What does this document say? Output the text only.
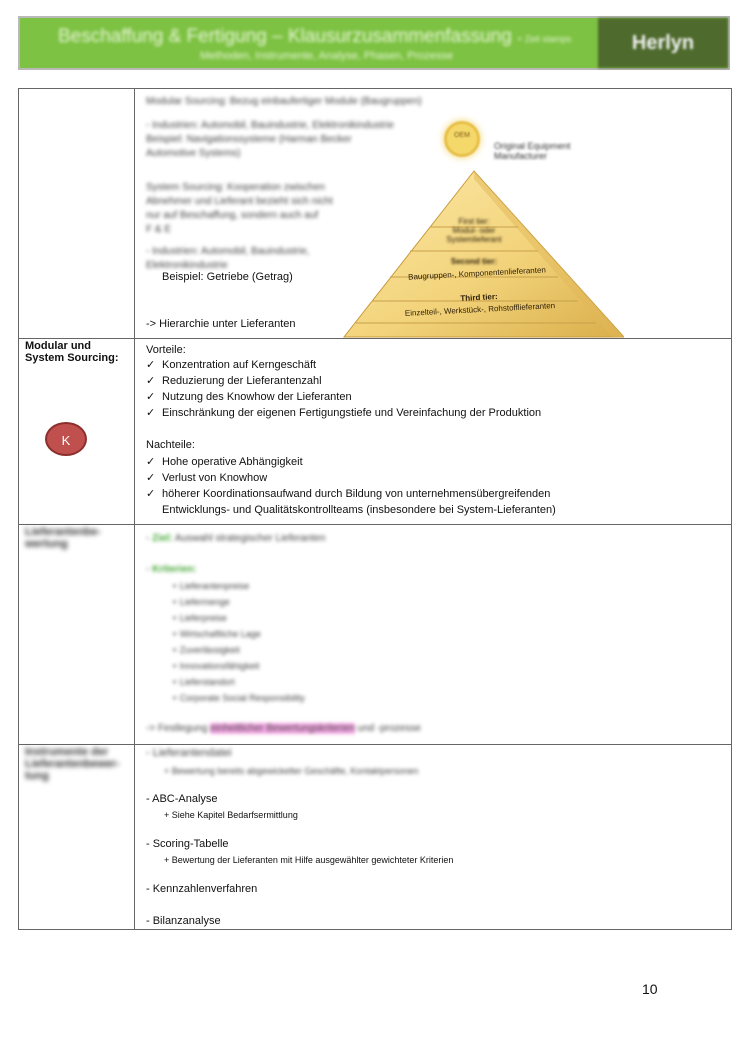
Beschaffung & Fertigung – Klausurzusammenfassung + Zeit stamps
Methoden, Instrumente, Analyse, Phasen, Prozesse
Herlyn
Modular Sourcing: Bezug einbaufertiger Module (Baugruppen)
- Industrien: Automobil, Bauindustrie, Elektronikindustrie
Beispiel: Navigationssysteme (Harman Becker
Automotive Systems)
System Sourcing: Kooperation zwischen
Abnehmer und Lieferant bezieht sich nicht
nur auf Beschaffung, sondern auch auf
F & E
- Industrien: Automobil, Bauindustrie,
Elektronikindustrie
Beispiel: Getriebe (Getrag)
-> Hierarchie unter Lieferanten
OEM
Original Equipment
Manufacturer
First tier:
Modul- oder
Systemlieferant
Second tier:
Baugruppen-, Komponentenlieferanten
Third tier:
Einzelteil-, Werkstück-, Rohstofflieferanten
Modular und System Sourcing:
K
Vorteile:
✓ Konzentration auf Kerngeschäft
✓ Reduzierung der Lieferantenzahl
✓ Nutzung des Knowhow der Lieferanten
✓ Einschränkung der eigenen Fertigungstiefe und Vereinfachung der Produktion
Nachteile:
✓ Hohe operative Abhängigkeit
✓ Verlust von Knowhow
✓ höherer Koordinationsaufwand durch Bildung von unternehmensübergreifenden Entwicklungs- und Qualitätskontrollteams (insbesondere bei System-Lieferanten)
Lieferantenbe-
wertung	- Ziel: Auswahl strategischer Lieferanten
- Kriterien:
+ Lieferantenpreise
+ Liefermenge
+ Lieferpreise
+ Wirtschaftliche Lage
+ Zuverlässigkeit
+ Innovationsfähigkeit
+ Lieferstandort
+ Corporate Social Responsibility
-> Festlegung einheitlicher Bewertungskriterien und -prozesse
Instrumente der
Lieferantenbewer-
tung
- Lieferantendatei
+ Bewertung bereits abgewickelter Geschäfte, Kontaktpersonen
- ABC-Analyse
+ Siehe Kapitel Bedarfsermittlung
- Scoring-Tabelle
+ Bewertung der Lieferanten mit Hilfe ausgewählter gewichteter Kriterien
- Kennzahlenverfahren
- Bilanzanalyse
10
